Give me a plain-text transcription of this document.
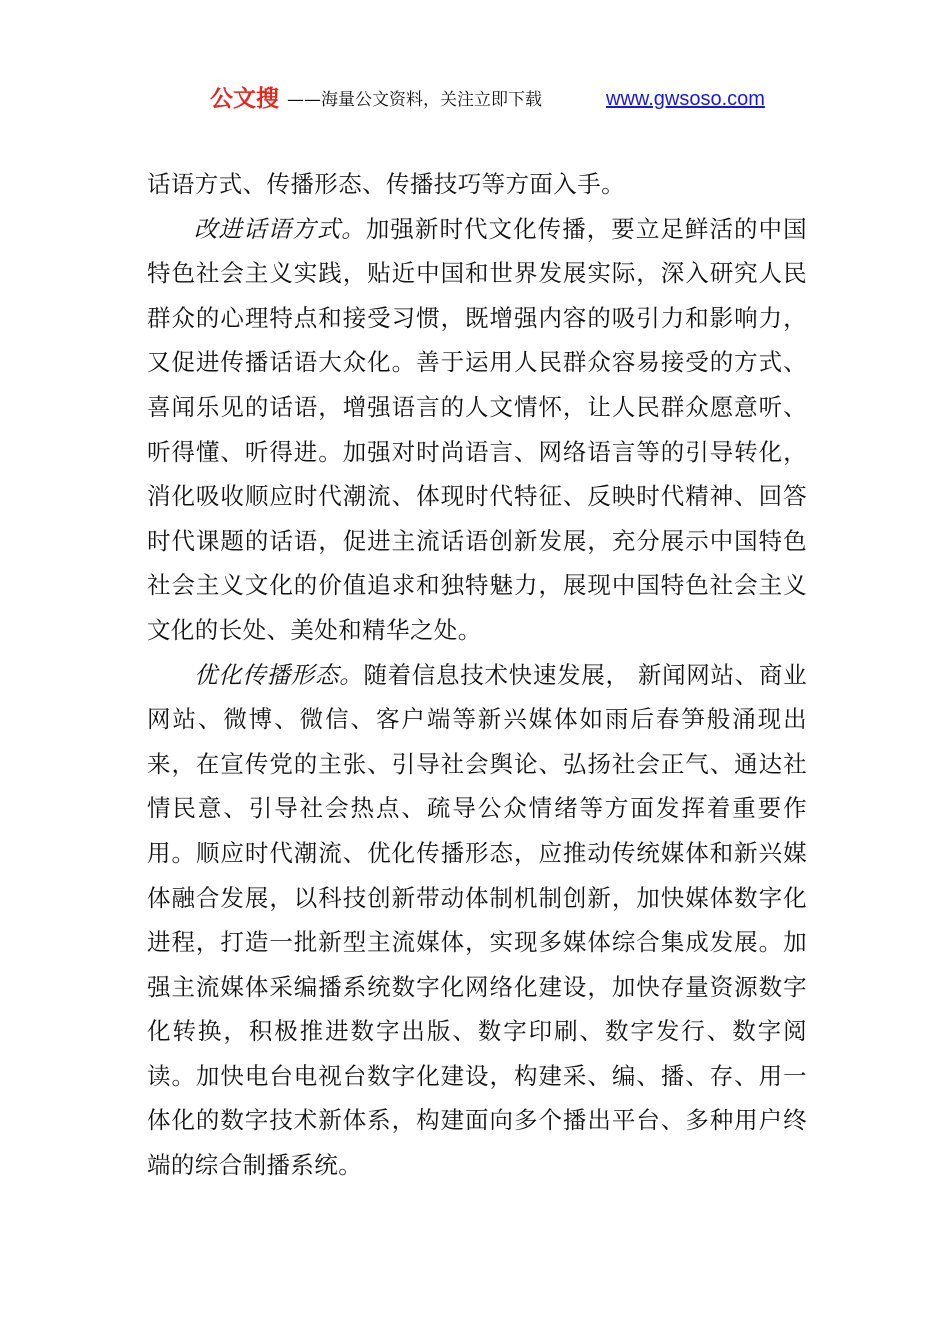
公文搜 ——海量公文资料，关注立即下载	www.gwsoso.com

话语方式、传播形态、传播技巧等方面入手。

改进话语方式。加强新时代文化传播，要立足鲜活的中国特色社会主义实践，贴近中国和世界发展实际，深入研究人民群众的心理特点和接受习惯，既增强内容的吸引力和影响力，又促进传播话语大众化。善于运用人民群众容易接受的方式、喜闻乐见的话语，增强语言的人文情怀，让人民群众愿意听、听得懂、听得进。加强对时尚语言、网络语言等的引导转化，消化吸收顺应时代潮流、体现时代特征、反映时代精神、回答时代课题的话语，促进主流话语创新发展，充分展示中国特色社会主义文化的价值追求和独特魅力，展现中国特色社会主义文化的长处、美处和精华之处。

优化传播形态。随着信息技术快速发展， 新闻网站、商业网站、微博、微信、客户端等新兴媒体如雨后春笋般涌现出来，在宣传党的主张、引导社会舆论、弘扬社会正气、通达社情民意、引导社会热点、疏导公众情绪等方面发挥着重要作用。顺应时代潮流、优化传播形态，应推动传统媒体和新兴媒体融合发展，以科技创新带动体制机制创新，加快媒体数字化进程，打造一批新型主流媒体，实现多媒体综合集成发展。加强主流媒体采编播系统数字化网络化建设，加快存量资源数字化转换，积极推进数字出版、数字印刷、数字发行、数字阅读。加快电台电视台数字化建设，构建采、编、播、存、用一体化的数字技术新体系，构建面向多个播出平台、多种用户终端的综合制播系统。
